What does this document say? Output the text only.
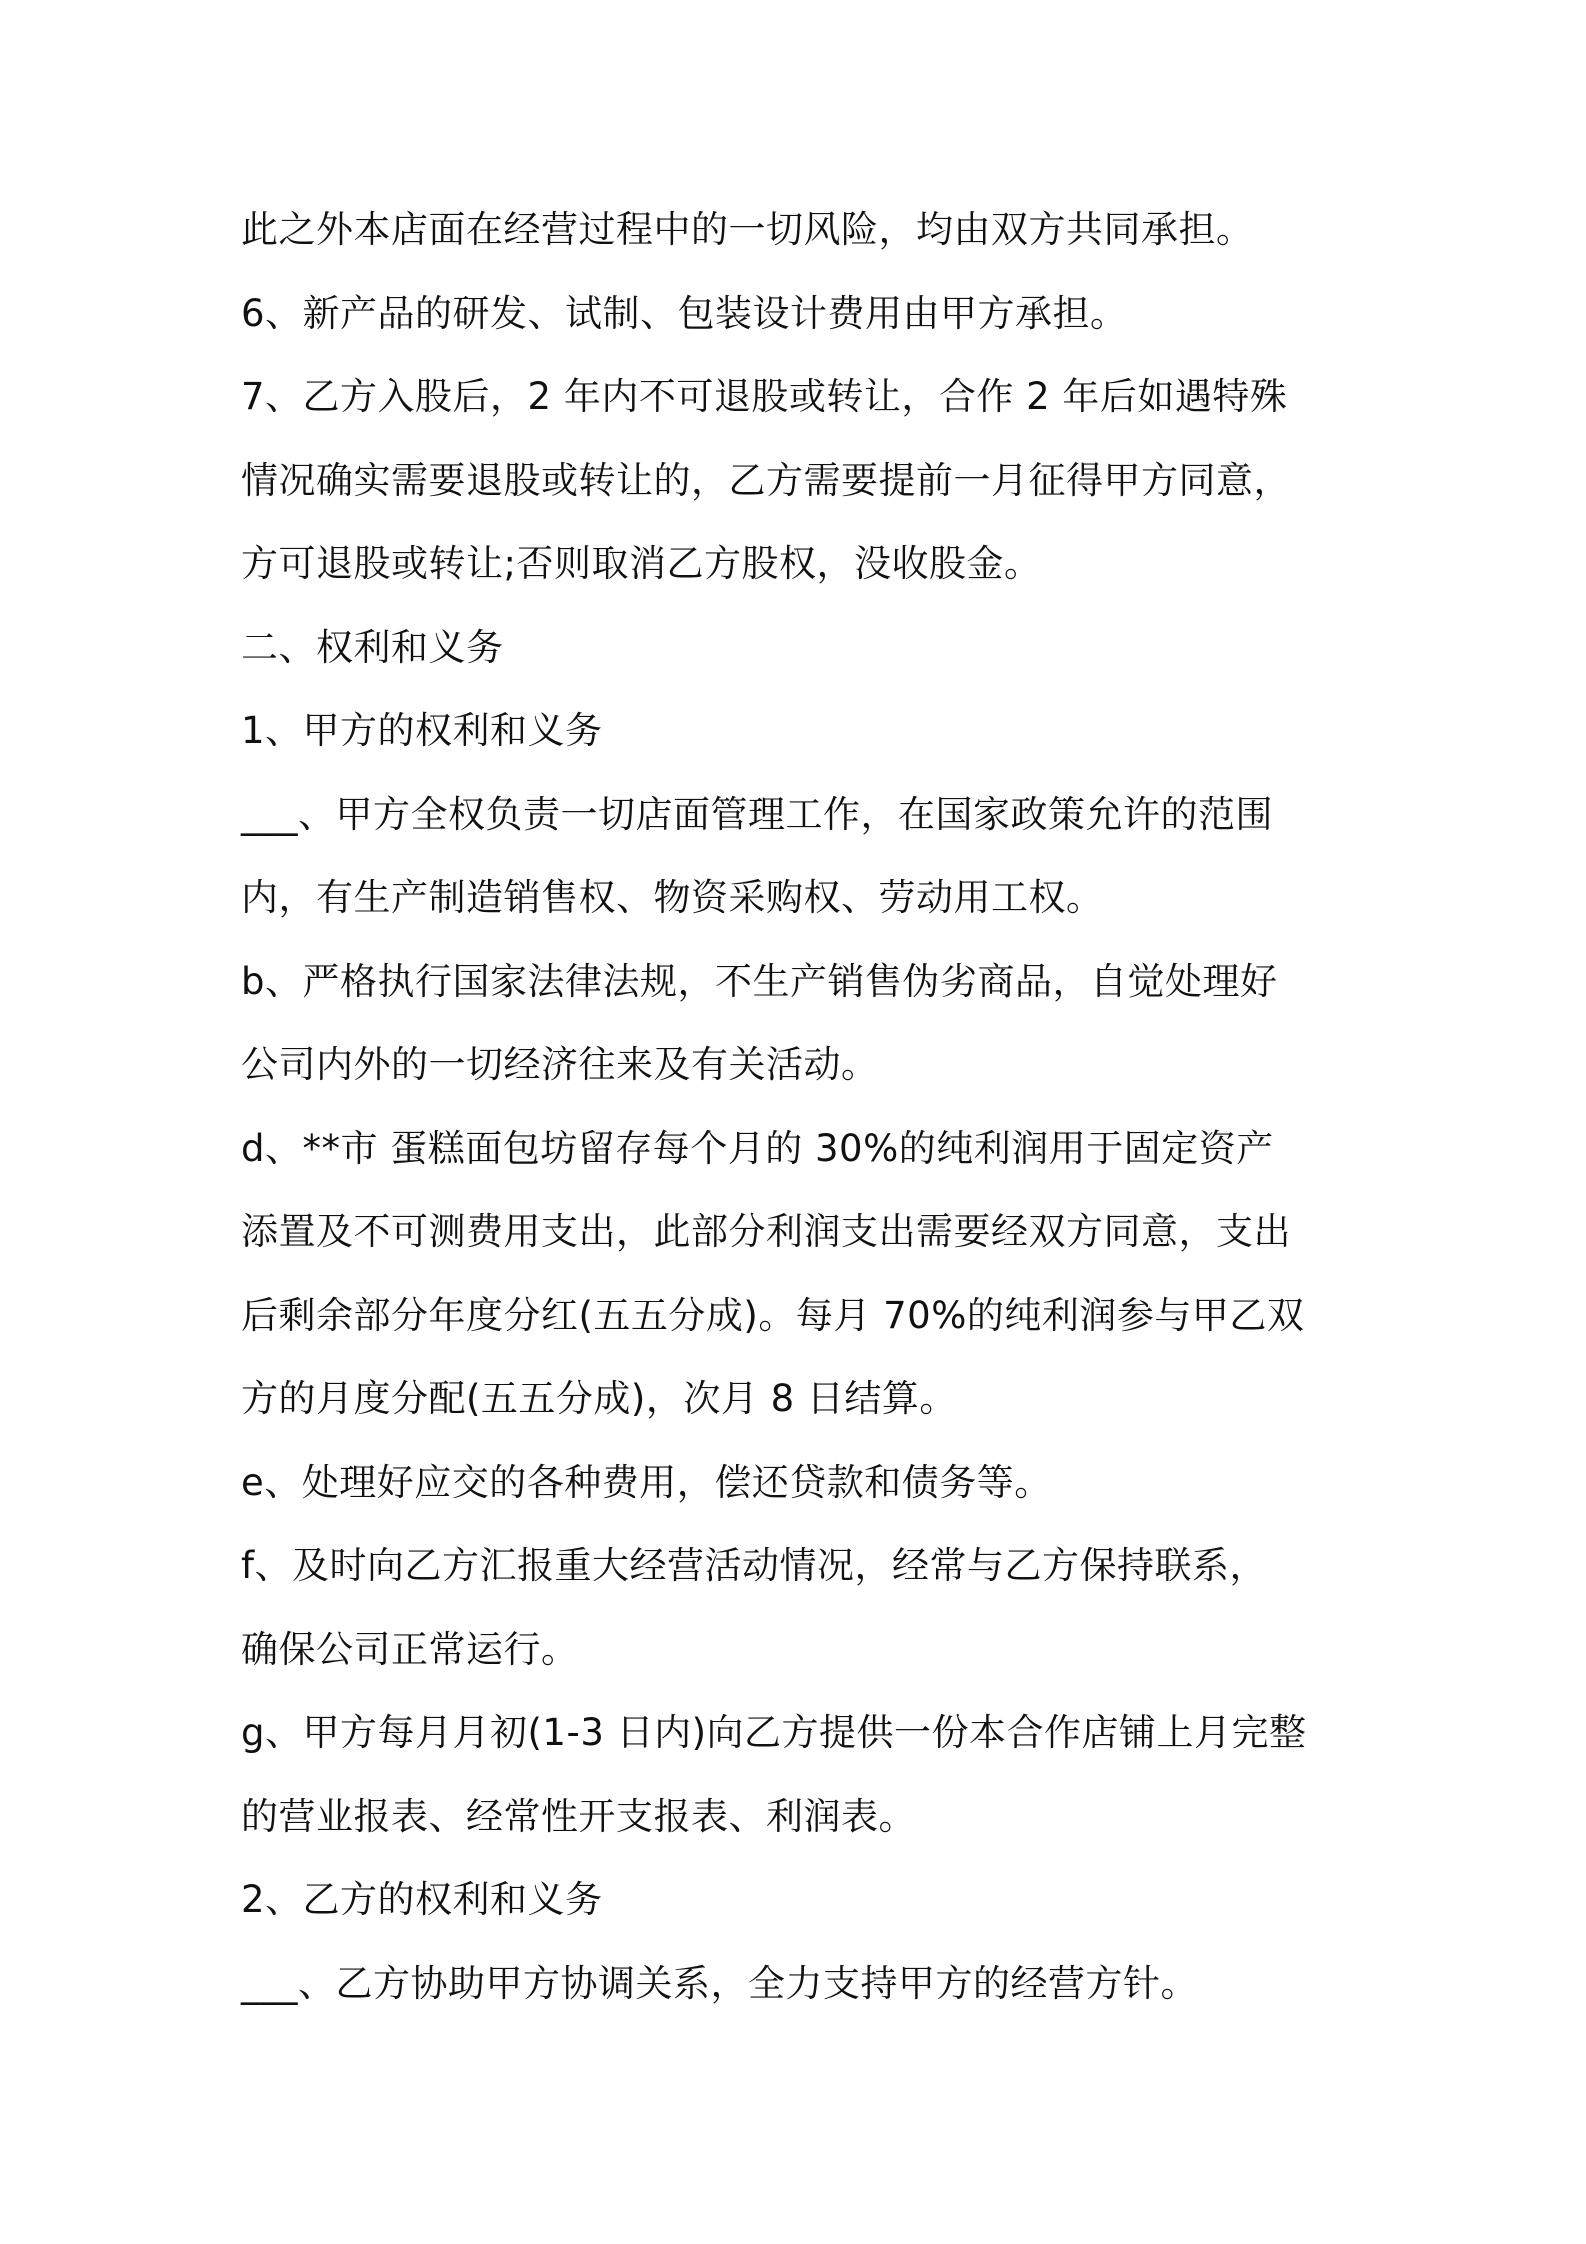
此之外本店面在经营过程中的一切风险，均由双方共同承担。
6、新产品的研发、试制、包装设计费用由甲方承担。
7、乙方入股后，2 年内不可退股或转让，合作 2 年后如遇特殊
情况确实需要退股或转让的，乙方需要提前一月征得甲方同意，
方可退股或转让;否则取消乙方股权，没收股金。
二、权利和义务
1、甲方的权利和义务
___、甲方全权负责一切店面管理工作，在国家政策允许的范围
内，有生产制造销售权、物资采购权、劳动用工权。
b、严格执行国家法律法规，不生产销售伪劣商品，自觉处理好
公司内外的一切经济往来及有关活动。
d、**市 蛋糕面包坊留存每个月的 30%的纯利润用于固定资产
添置及不可测费用支出，此部分利润支出需要经双方同意，支出
后剩余部分年度分红(五五分成)。每月 70%的纯利润参与甲乙双
方的月度分配(五五分成)，次月 8 日结算。
e、处理好应交的各种费用，偿还贷款和债务等。
f、及时向乙方汇报重大经营活动情况，经常与乙方保持联系，
确保公司正常运行。
g、甲方每月月初(1-3 日内)向乙方提供一份本合作店铺上月完整
的营业报表、经常性开支报表、利润表。
2、乙方的权利和义务
___、乙方协助甲方协调关系，全力支持甲方的经营方针。
